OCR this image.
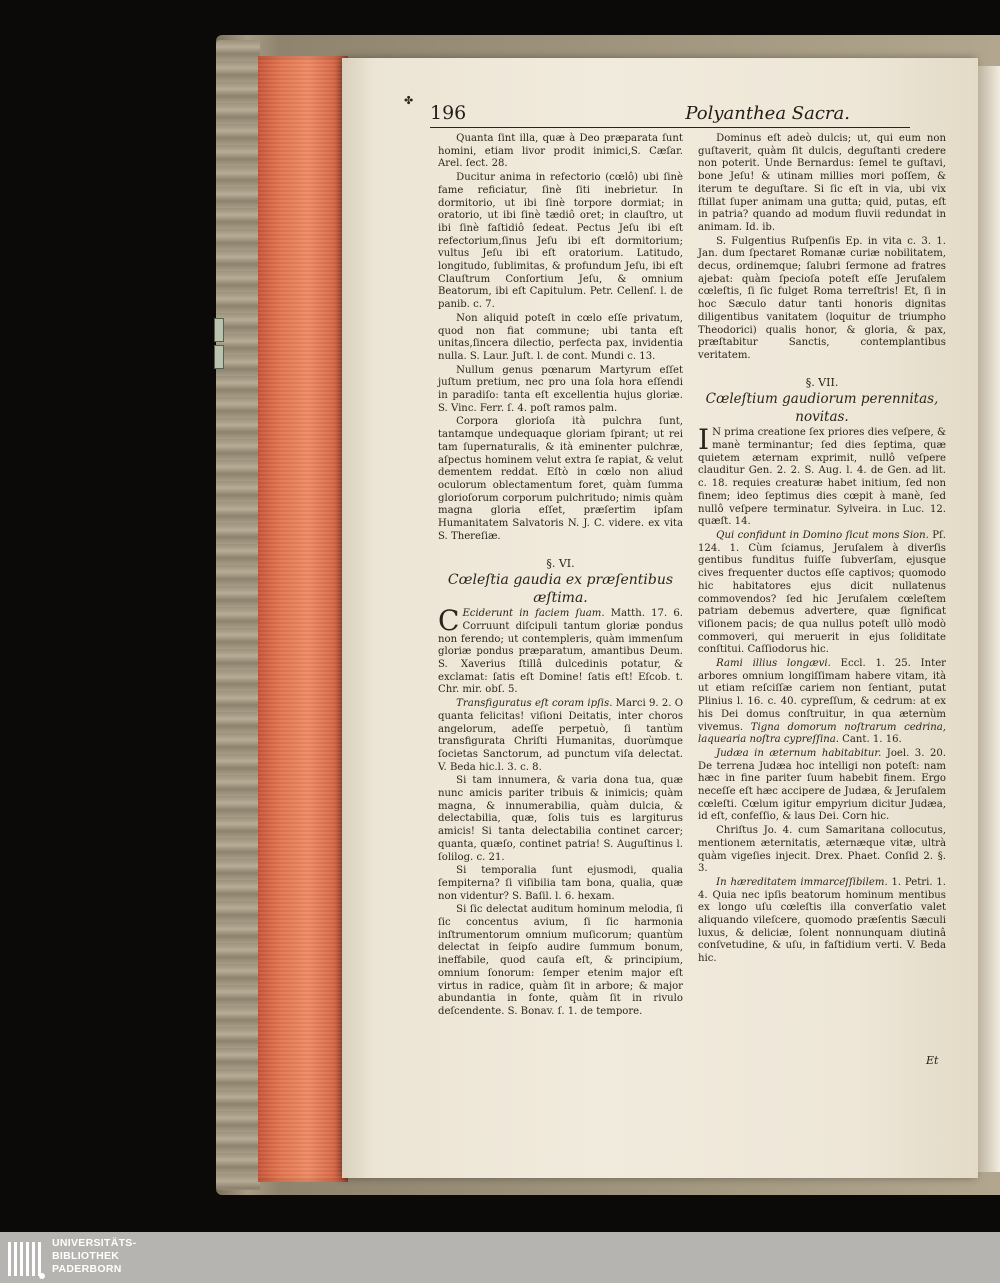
✤
196	Polyanthea Sacra.

Quanta ſint illa, quæ à Deo præparata ſunt homini, etiam livor prodit inimici,S. Cæſar. Arel. ſect. 28.

Ducitur anima in refectorio (cœlô) ubi ſinè fame reficiatur, ſinè ſiti inebrietur. In dormitorio, ut ibi ſinè torpore dormiat; in oratorio, ut ibi ſinè tædiô oret; in clauſtro, ut ibi ſinè faſtidiô ſedeat. Pectus Jeſu ibi eſt refectorium,ſinus Jeſu ibi eſt dormitorium; vultus Jeſu ibi eſt oratorium. Latitudo, longitudo, ſublimitas, & profundum Jeſu, ibi eſt Clauſtrum Conſortium Jeſu, & omnium Beatorum, ibi eſt Capitulum. Petr. Cellenſ. l. de panib. c. 7.

Non aliquid poteſt in cœlo eſſe privatum, quod non fiat commune; ubi tanta eſt unitas,ſincera dilectio, perfecta pax, invidentia nulla. S. Laur. Juſt. l. de cont. Mundi c. 13.

Nullum genus pœnarum Martyrum eſſet juſtum pretium, nec pro una ſola hora eſſendi in paradiſo: tanta eſt excellentia hujus gloriæ. S. Vinc. Ferr. ſ. 4. poſt ramos palm.

Corpora glorioſa ità pulchra ſunt, tantamque undequaque gloriam ſpirant; ut rei tam ſupernaturalis, & ità eminenter pulchræ, aſpectus hominem velut extra ſe rapiat, & velut dementem reddat. Eſtò in cœlo non aliud oculorum oblectamentum foret, quàm ſumma glorioſorum corporum pulchritudo; nimis quàm magna gloria eſſet, præſertim ipſam Humanitatem Salvatoris N. J. C. videre. ex vita S. Thereſiæ.

§. VI.

Cœleſtia gaudia ex præſentibus
æſtima.

C Eciderunt in faciem ſuam. Matth. 17. 6. Corruunt diſcipuli tantum gloriæ pondus non ferendo; ut contempleris, quàm immenſum gloriæ pondus præparatum, amantibus Deum. S. Xaverius ſtillâ dulcedinis potatur, & exclamat: ſatis eſt Domine! ſatis eſt! Eſcob. t. Chr. mir. obſ. 5.

Transfiguratus eſt coram ipſis. Marci 9. 2. O quanta felicitas! viſioni Deitatis, inter choros angelorum, adeſſe perpetuò, ſi tantùm transfigurata Chriſti Humanitas, duorùmque ſocietas Sanctorum, ad punctum viſa delectat. V. Beda hic.l. 3. c. 8.

Si tam innumera, & varia dona tua, quæ nunc amicis pariter tribuis & inimicis; quàm magna, & innumerabilia, quàm dulcia, & delectabilia, quæ, ſolis tuis es largiturus amicis! Si tanta delectabilia continet carcer; quanta, quæſo, continet patria! S. Auguſtinus l. ſolilog. c. 21.

Si temporalia ſunt ejusmodi, qualia ſempiterna? ſi viſibilia tam bona, qualia, quæ non videntur? S. Baſil. l. 6. hexam.

Si ſic delectat auditum hominum melodia, ſi ſic concentus avium, ſi ſic harmonia inſtrumentorum omnium muſicorum; quantùm delectat in ſeipſo audire ſummum bonum, ineffabile, quod cauſa eſt, & principium, omnium ſonorum: ſemper etenim major eſt virtus in radice, quàm ſit in arbore; & major abundantia in fonte, quàm ſit in rivulo deſcendente. S. Bonav. ſ. 1. de tempore.

Dominus eſt adeò dulcis; ut, qui eum non guſtaverit, quàm ſit dulcis, deguſtanti credere non poterit. Unde Bernardus: ſemel te guſtavi, bone Jeſu! & utinam millies mori poſſem, & iterum te deguſtare. Si ſic eſt in via, ubi vix ſtillat ſuper animam una gutta; quid, putas, eſt in patria? quando ad modum fluvii redundat in animam. Id. ib.

S. Fulgentius Ruſpenſis Ep. in vita c. 3. 1. Jan. dum ſpectaret Romanæ curiæ nobilitatem, decus, ordinemque; ſalubri ſermone ad fratres ajebat: quàm ſpecioſa poteſt eſſe Jeruſalem cœleſtis, ſi ſic fulget Roma terreſtris! Et, ſi in hoc Sæculo datur tanti honoris dignitas diligentibus vanitatem (loquitur de triumpho Theodorici) qualis honor, & gloria, & pax, præſtabitur Sanctis, contemplantibus veritatem.

§. VII.

Cœleſtium gaudiorum perennitas,
novitas.

I N prima creatione ſex priores dies veſpere, & manè terminantur; ſed dies ſeptima, quæ quietem æternam exprimit, nullô veſpere clauditur Gen. 2. 2. S. Aug. l. 4. de Gen. ad lit. c. 18. requies creaturæ habet initium, ſed non finem; ideo ſeptimus dies cœpit à manè, ſed nullô veſpere terminatur. Sylveira. in Luc. 12. quæſt. 14.

Qui confidunt in Domino ſicut mons Sion. Pſ. 124. 1. Cùm ſciamus, Jeruſalem à diverſis gentibus funditus fuiſſe ſubverſam, ejusque cives frequenter ductos eſſe captivos; quomodo hic habitatores ejus dicit nullatenus commovendos? ſed hic Jeruſalem cœleſtem patriam debemus advertere, quæ ſignificat viſionem pacis; de qua nullus poteſt ullò modò commoveri, qui meruerit in ejus ſoliditate conſtitui. Caſſiodorus hic.

Rami illius longævi. Eccl. 1. 25. Inter arbores omnium longiſſimam habere vitam, ità ut etiam reſciſſæ cariem non ſentiant, putat Plinius l. 16. c. 40. cypreſſum, & cedrum: at ex his Dei domus conſtruitur, in qua æternùm vivemus. Tigna domorum noſtrarum cedrina, laquearia noſtra cypreſſina. Cant. 1. 16.

Judæa in æternum habitabitur. Joel. 3. 20. De terrena Judæa hoc intelligi non poteſt: nam hæc in fine pariter ſuum habebit finem. Ergo neceſſe eſt hæc accipere de Judæa, & Jeruſalem cœleſti. Cœlum igitur empyrium dicitur Judæa, id eſt, confeſſio, & laus Dei. Corn hic.

Chriſtus Jo. 4. cum Samaritana collocutus, mentionem æternitatis, æternæque vitæ, ultrà quàm vigeſies injecit. Drex. Phaet. Conſid 2. §. 3.

In hæreditatem immarceſſibilem. 1. Petri. 1. 4. Quia nec ipſis beatorum hominum mentibus ex longo uſu cœleſtis illa converſatio valet aliquando vileſcere, quomodo præſentis Sæculi luxus, & deliciæ, ſolent nonnunquam diutinâ conſvetudine, & uſu, in faſtidium verti. V. Beda hic.

Et
UNIVERSITÄTS-
BIBLIOTHEK
PADERBORN
